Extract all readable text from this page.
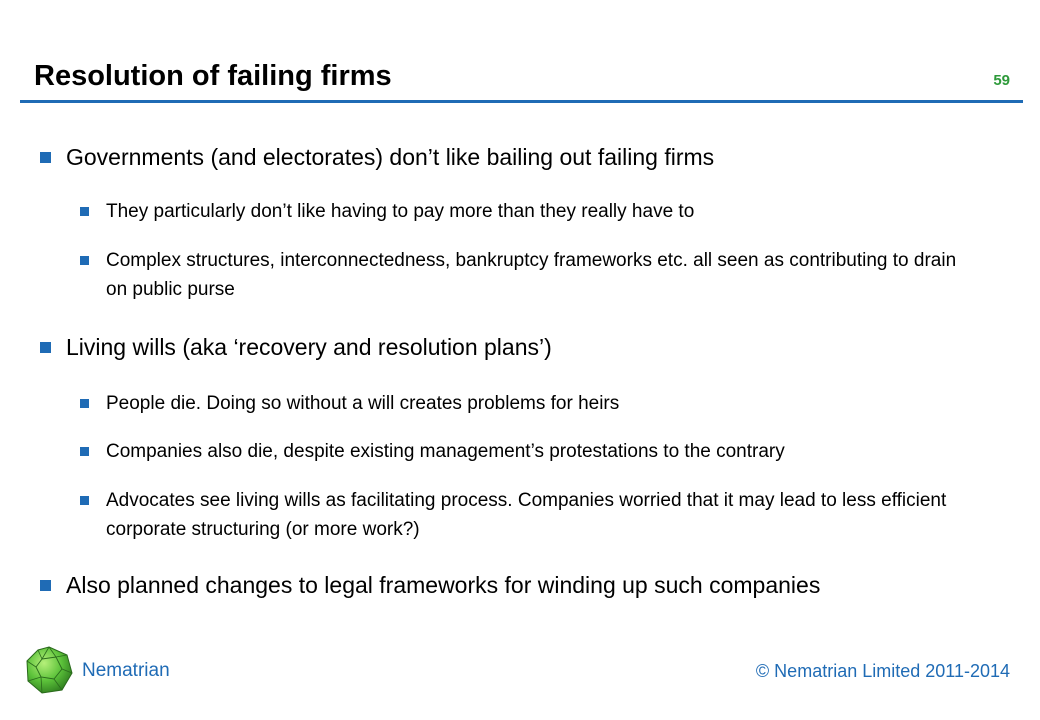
Resolution of failing firms	59
Governments (and electorates) don’t like bailing out failing firms
They particularly don’t like having to pay more than they really have to
Complex structures, interconnectedness, bankruptcy frameworks etc. all seen as contributing to drain on public purse
Living wills (aka ‘recovery and resolution plans’)
People die. Doing so without a will creates problems for heirs
Companies also die, despite existing management’s protestations to the contrary
Advocates see living wills as facilitating process. Companies worried that it may lead to less efficient corporate structuring (or more work?)
Also planned changes to legal frameworks for winding up such companies
Nematrian	© Nematrian Limited 2011-2014
